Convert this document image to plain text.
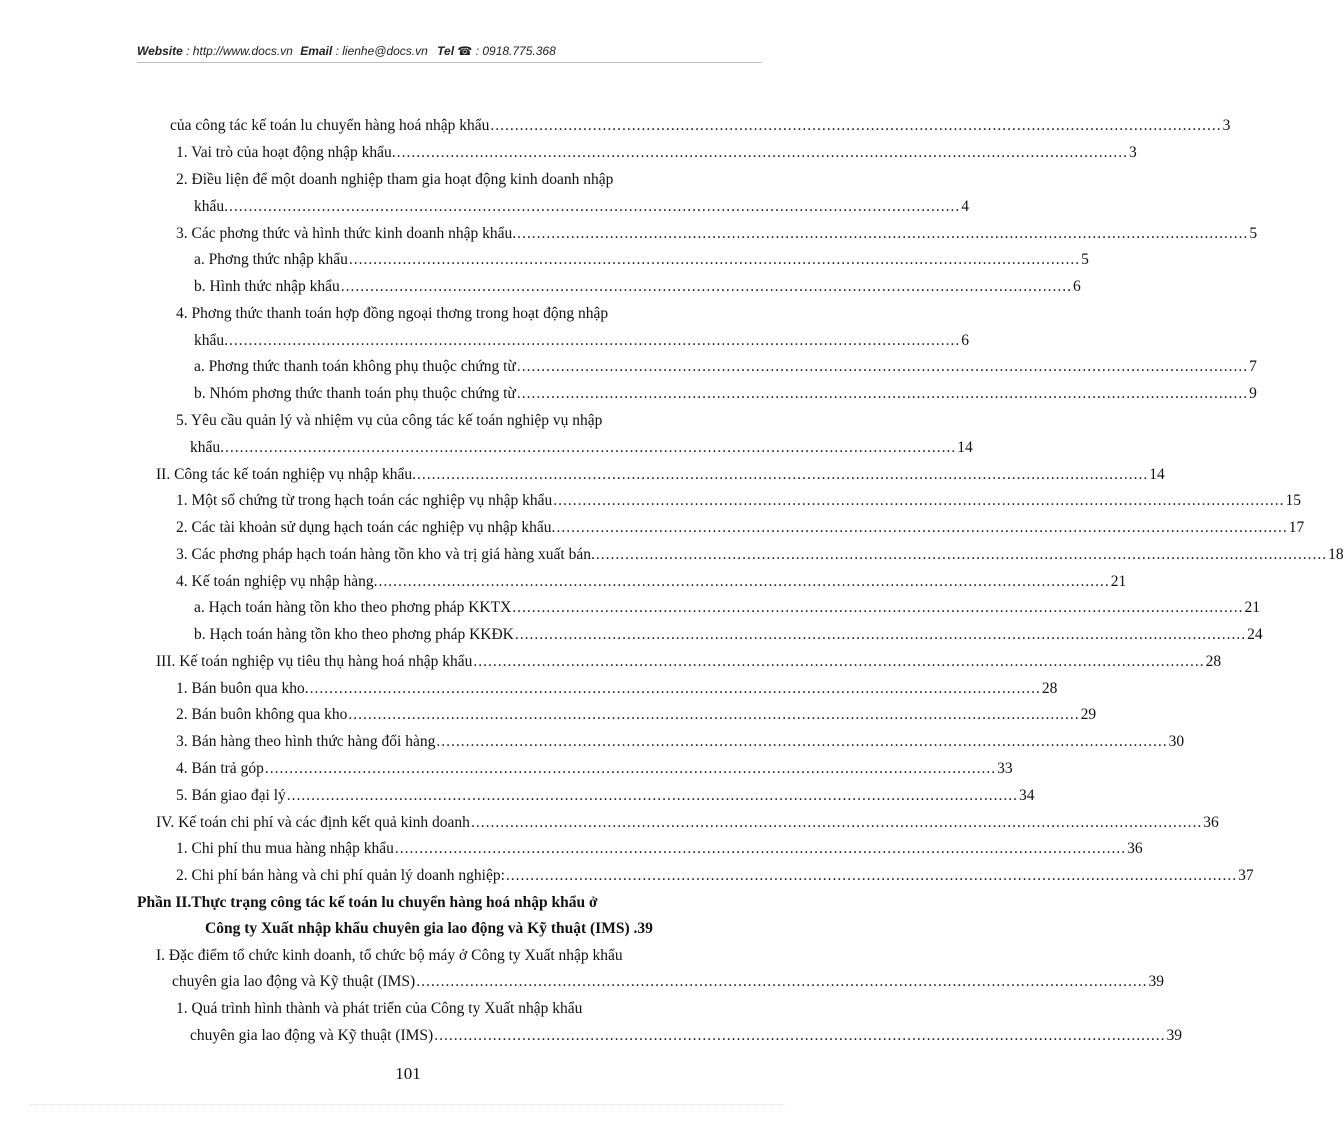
Website : http://www.docs.vn Email : lienhe@docs.vn Tel ☎ : 0918.775.368
của công tác kế toán lu chuyển hàng hoá nhập khẩu ...................................................................................................................................................... 3
1. Vai trò của hoạt động nhập khẩu. ...................................................................................................................................................... 3
2. Điều liện để một doanh nghiệp tham gia hoạt động kinh doanh nhập
khẩu. ...................................................................................................................................................... 4
3. Các phơng thức và hình thức kinh doanh nhập khẩu. ...................................................................................................................................................... 5
a. Phơng thức nhập khẩu ...................................................................................................................................................... 5
b. Hình thức nhập khẩu ...................................................................................................................................................... 6
4. Phơng thức thanh toán hợp đồng ngoại thơng trong hoạt động nhập
khẩu. ...................................................................................................................................................... 6
a. Phơng thức thanh toán không phụ thuộc chứng từ ...................................................................................................................................................... 7
b. Nhóm phơng thức thanh toán phụ thuộc chứng từ ...................................................................................................................................................... 9
5. Yêu cầu quản lý và nhiệm vụ của công tác kế toán nghiệp vụ nhập
khẩu. ...................................................................................................................................................... 14
II. Công tác kế toán nghiệp vụ nhập khẩu. ...................................................................................................................................................... 14
1. Một số chứng từ trong hạch toán các nghiệp vụ nhập khẩu ...................................................................................................................................................... 15
2. Các tài khoản sử dụng hạch toán các nghiệp vụ nhập khẩu. ...................................................................................................................................................... 17
3. Các phơng pháp hạch toán hàng tồn kho và trị giá hàng xuất bán. ...................................................................................................................................................... 18
4. Kế toán nghiệp vụ nhập hàng. ...................................................................................................................................................... 21
a. Hạch toán hàng tồn kho theo phơng pháp KKTX ...................................................................................................................................................... 21
b. Hạch toán hàng tồn kho theo phơng pháp KKĐK ...................................................................................................................................................... 24
III. Kế toán nghiệp vụ tiêu thụ hàng hoá nhập khẩu ...................................................................................................................................................... 28
1. Bán buôn qua kho. ...................................................................................................................................................... 28
2. Bán buôn không qua kho ...................................................................................................................................................... 29
3. Bán hàng theo hình thức hàng đổi hàng ...................................................................................................................................................... 30
4. Bán trả góp ...................................................................................................................................................... 33
5. Bán giao đại lý ...................................................................................................................................................... 34
IV. Kế toán chi phí và các định kết quả kinh doanh ...................................................................................................................................................... 36
1. Chi phí thu mua hàng nhập khẩu ...................................................................................................................................................... 36
2. Chi phí bán hàng và chi phí quản lý doanh nghiệp: ...................................................................................................................................................... 37
Phần II.Thực trạng công tác kế toán lu chuyển hàng hoá nhập khẩu ở
Công ty Xuất nhập khẩu chuyên gia lao động và Kỹ thuật (IMS) . 39
I. Đặc điểm tổ chức kinh doanh, tổ chức bộ máy ở Công ty Xuất nhập khẩu
chuyên gia lao động và Kỹ thuật (IMS) ...................................................................................................................................................... 39
1. Quá trình hình thành và phát triển của Công ty Xuất nhập khẩu
chuyên gia lao động và Kỹ thuật (IMS) ...................................................................................................................................................... 39
101
